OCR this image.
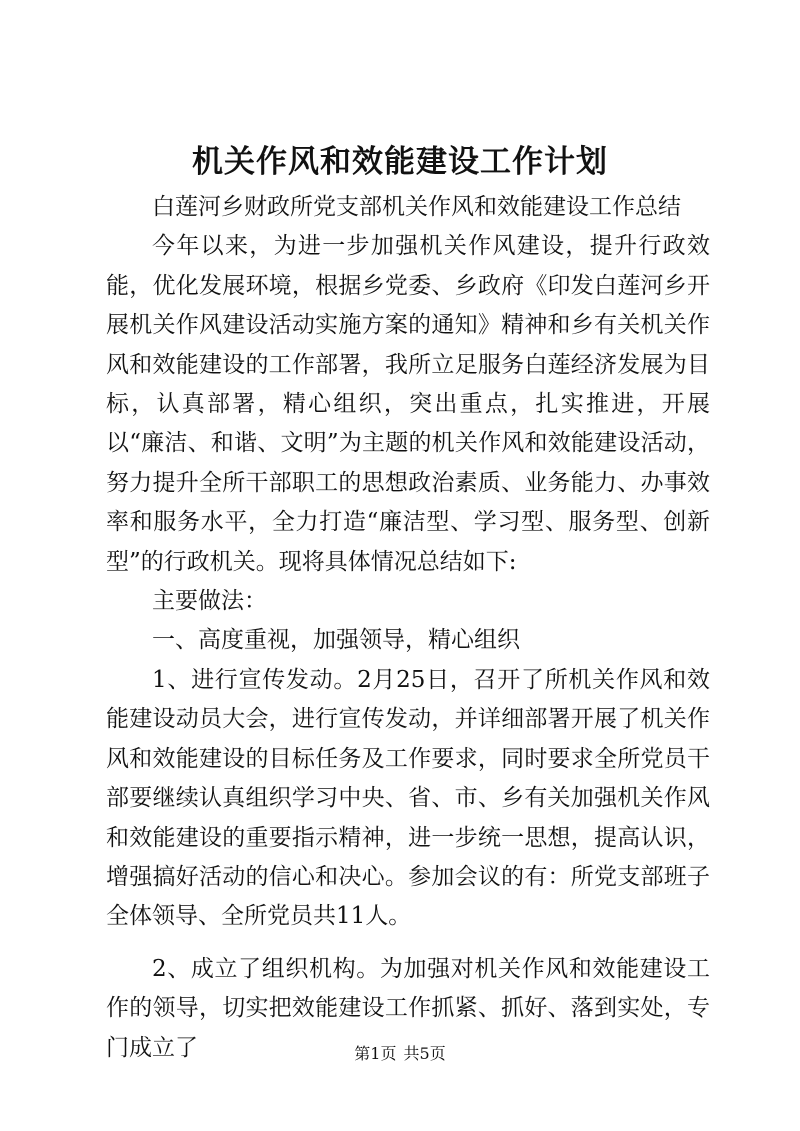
机关作风和效能建设工作计划

白莲河乡财政所党支部机关作风和效能建设工作总结

今年以来，为进一步加强机关作风建设，提升行政效能，优化发展环境，根据乡党委、乡政府《印发白莲河乡开展机关作风建设活动实施方案的通知》精神和乡有关机关作风和效能建设的工作部署，我所立足服务白莲经济发展为目标，认真部署，精心组织，突出重点，扎实推进，开展以“廉洁、和谐、文明”为主题的机关作风和效能建设活动，努力提升全所干部职工的思想政治素质、业务能力、办事效率和服务水平，全力打造“廉洁型、学习型、服务型、创新型”的行政机关。现将具体情况总结如下:

主要做法：

一、高度重视，加强领导，精心组织

1、进行宣传发动。2月25日，召开了所机关作风和效能建设动员大会，进行宣传发动，并详细部署开展了机关作风和效能建设的目标任务及工作要求，同时要求全所党员干部要继续认真组织学习中央、省、市、乡有关加强机关作风和效能建设的重要指示精神，进一步统一思想，提高认识，增强搞好活动的信心和决心。参加会议的有：所党支部班子全体领导、全所党员共11人。

2、成立了组织机构。为加强对机关作风和效能建设工作的领导，切实把效能建设工作抓紧、抓好、落到实处，专门成立了	第1页 共5页
